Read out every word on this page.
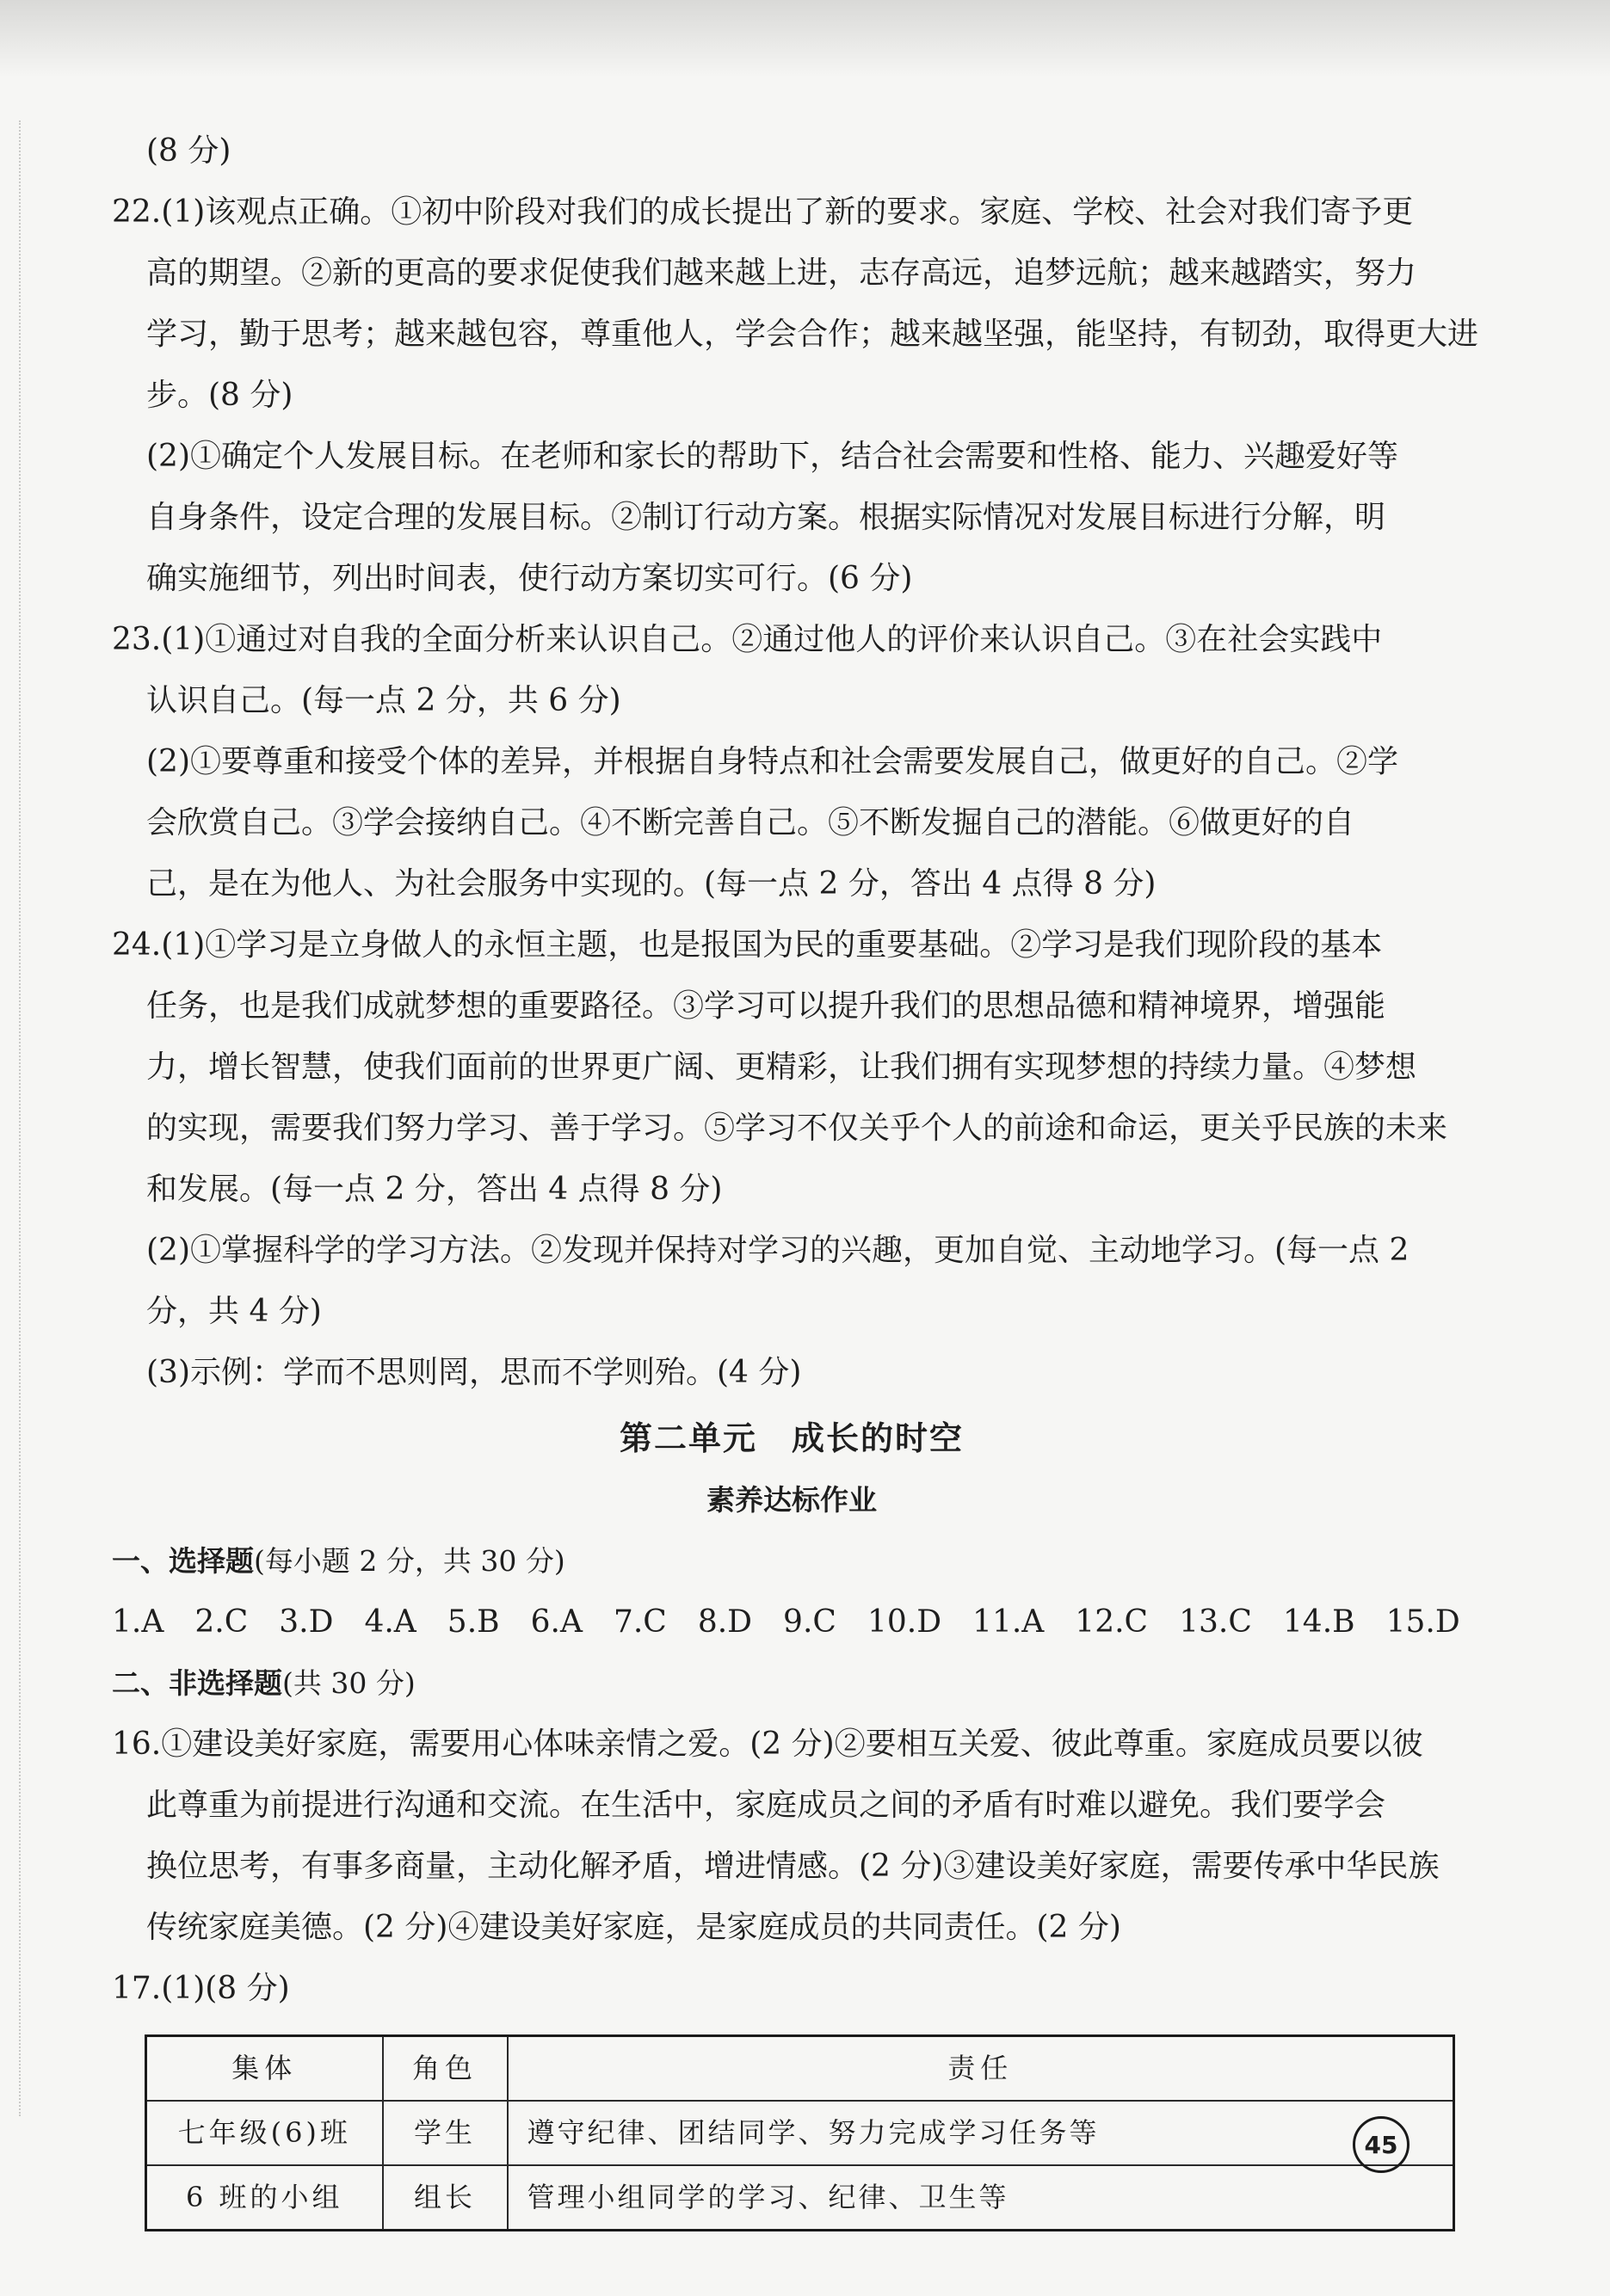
(8 分)
22.(1)该观点正确。①初中阶段对我们的成长提出了新的要求。家庭、学校、社会对我们寄予更
高的期望。②新的更高的要求促使我们越来越上进，志存高远，追梦远航；越来越踏实，努力
学习，勤于思考；越来越包容，尊重他人，学会合作；越来越坚强，能坚持，有韧劲，取得更大进
步。(8 分)
(2)①确定个人发展目标。在老师和家长的帮助下，结合社会需要和性格、能力、兴趣爱好等
自身条件，设定合理的发展目标。②制订行动方案。根据实际情况对发展目标进行分解，明
确实施细节，列出时间表，使行动方案切实可行。(6 分)
23.(1)①通过对自我的全面分析来认识自己。②通过他人的评价来认识自己。③在社会实践中
认识自己。(每一点 2 分，共 6 分)
(2)①要尊重和接受个体的差异，并根据自身特点和社会需要发展自己，做更好的自己。②学
会欣赏自己。③学会接纳自己。④不断完善自己。⑤不断发掘自己的潜能。⑥做更好的自
己，是在为他人、为社会服务中实现的。(每一点 2 分，答出 4 点得 8 分)
24.(1)①学习是立身做人的永恒主题，也是报国为民的重要基础。②学习是我们现阶段的基本
任务，也是我们成就梦想的重要路径。③学习可以提升我们的思想品德和精神境界，增强能
力，增长智慧，使我们面前的世界更广阔、更精彩，让我们拥有实现梦想的持续力量。④梦想
的实现，需要我们努力学习、善于学习。⑤学习不仅关乎个人的前途和命运，更关乎民族的未来
和发展。(每一点 2 分，答出 4 点得 8 分)
(2)①掌握科学的学习方法。②发现并保持对学习的兴趣，更加自觉、主动地学习。(每一点 2
分，共 4 分)
(3)示例：学而不思则罔，思而不学则殆。(4 分)
第二单元　成长的时空
素养达标作业
一、选择题(每小题 2 分，共 30 分)
1.A　2.C　3.D　4.A　5.B　6.A　7.C　8.D　9.C　10.D　11.A　12.C　13.C　14.B　15.D
二、非选择题(共 30 分)
16.①建设美好家庭，需要用心体味亲情之爱。(2 分)②要相互关爱、彼此尊重。家庭成员要以彼
此尊重为前提进行沟通和交流。在生活中，家庭成员之间的矛盾有时难以避免。我们要学会
换位思考，有事多商量，主动化解矛盾，增进情感。(2 分)③建设美好家庭，需要传承中华民族
传统家庭美德。(2 分)④建设美好家庭，是家庭成员的共同责任。(2 分)
17.(1)(8 分)
集体	角色	责任
七年级(6)班	学生	遵守纪律、团结同学、努力完成学习任务等
6 班的小组	组长	管理小组同学的学习、纪律、卫生等
45
